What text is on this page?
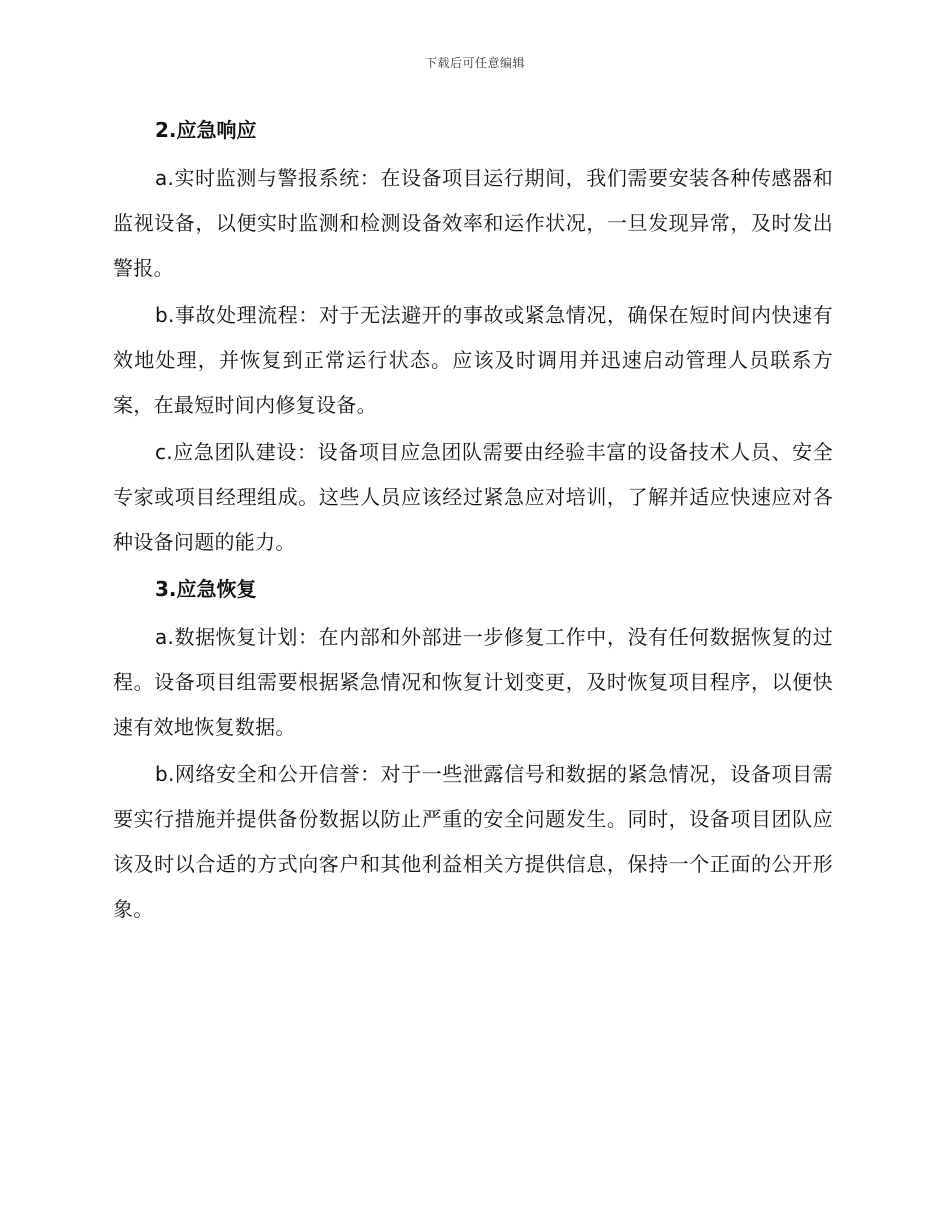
下载后可任意编辑
2.应急响应

a.实时监测与警报系统：在设备项目运行期间，我们需要安装各种传感器和监视设备，以便实时监测和检测设备效率和运作状况，一旦发现异常，及时发出警报。

b.事故处理流程：对于无法避开的事故或紧急情况，确保在短时间内快速有效地处理，并恢复到正常运行状态。应该及时调用并迅速启动管理人员联系方案，在最短时间内修复设备。

c.应急团队建设：设备项目应急团队需要由经验丰富的设备技术人员、安全专家或项目经理组成。这些人员应该经过紧急应对培训，了解并适应快速应对各种设备问题的能力。

3.应急恢复

a.数据恢复计划：在内部和外部进一步修复工作中，没有任何数据恢复的过程。设备项目组需要根据紧急情况和恢复计划变更，及时恢复项目程序，以便快速有效地恢复数据。

b.网络安全和公开信誉：对于一些泄露信号和数据的紧急情况，设备项目需要实行措施并提供备份数据以防止严重的安全问题发生。同时，设备项目团队应该及时以合适的方式向客户和其他利益相关方提供信息，保持一个正面的公开形象。
